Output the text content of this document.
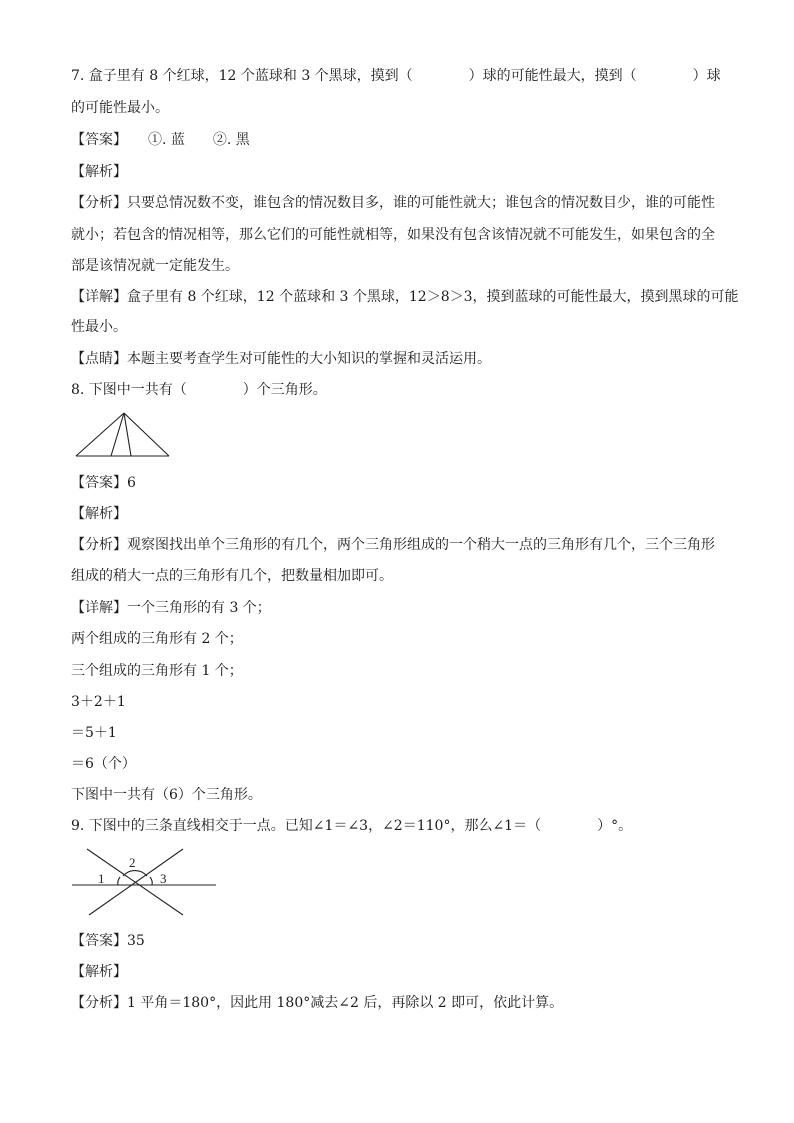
7. 盒子里有 8 个红球，12 个蓝球和 3 个黑球，摸到（　　　　）球的可能性最大，摸到（　　　　）球
的可能性最小。
【答案】　　①. 蓝　　②. 黑
【解析】
【分析】只要总情况数不变，谁包含的情况数目多，谁的可能性就大；谁包含的情况数目少，谁的可能性
就小；若包含的情况相等，那么它们的可能性就相等，如果没有包含该情况就不可能发生，如果包含的全
部是该情况就一定能发生。
【详解】盒子里有 8 个红球，12 个蓝球和 3 个黑球，12＞8＞3，摸到蓝球的可能性最大，摸到黑球的可能
性最小。
【点睛】本题主要考查学生对可能性的大小知识的掌握和灵活运用。
8. 下图中一共有（　　　　）个三角形。
【答案】6
【解析】
【分析】观察图找出单个三角形的有几个，两个三角形组成的一个稍大一点的三角形有几个，三个三角形
组成的稍大一点的三角形有几个，把数量相加即可。
【详解】一个三角形的有 3 个；
两个组成的三角形有 2 个；
三个组成的三角形有 1 个；
3＋2＋1
＝5＋1
＝6（个）
下图中一共有（6）个三角形。
9. 下图中的三条直线相交于一点。已知∠1＝∠3，∠2＝110°，那么∠1＝（　　　　）°。
2
1	3
【答案】35
【解析】
【分析】1 平角＝180°，因此用 180°减去∠2 后，再除以 2 即可，依此计算。
